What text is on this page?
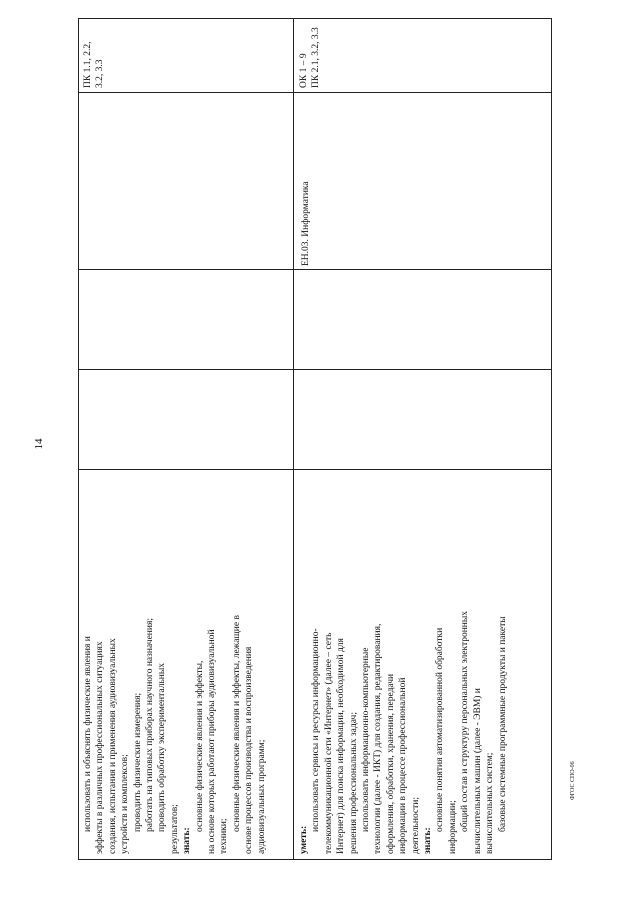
14
использовать и объяснять физические явления и эффекты в различных профессиональных ситуациях создания, испытания и применения аудиовизуальных устройств и комплексов; проводить физические измерения; работать на типовых приборах научного назначения; проводить обработку экспериментальных результатов; знать:
основные физические явления и эффекты, на основе которых работают приборы аудиовизуальной техники;
основные физические явления и эффекты, лежащие в основе процессов производства и воспроизведения аудиовизуальных программ;
ПК 1.1, 2.2, 3.2, 3.3
уметь:
использовать сервисы и ресурсы информационно- телекоммуникационной сети «Интернет» (далее – сеть Интернет) для поиска информации, необходимой для решения профессиональных задач; использовать информационно-компьютерные технологии (далее - ИКТ) для создания, редактирования, оформления, обработки, хранения, передачи информации в процессе профессиональной деятельности; знать:
основные понятия автоматизированной обработки информации; общий состав и структуру персональных электронных вычислительных машин (далее - ЭВМ) и вычислительных систем; базовые системные программные продукты и пакеты
ЕН.03. Информатика
ОК 1 – 9 ПК 2.1, 3.2, 3.3
ФГОС СПО-06
